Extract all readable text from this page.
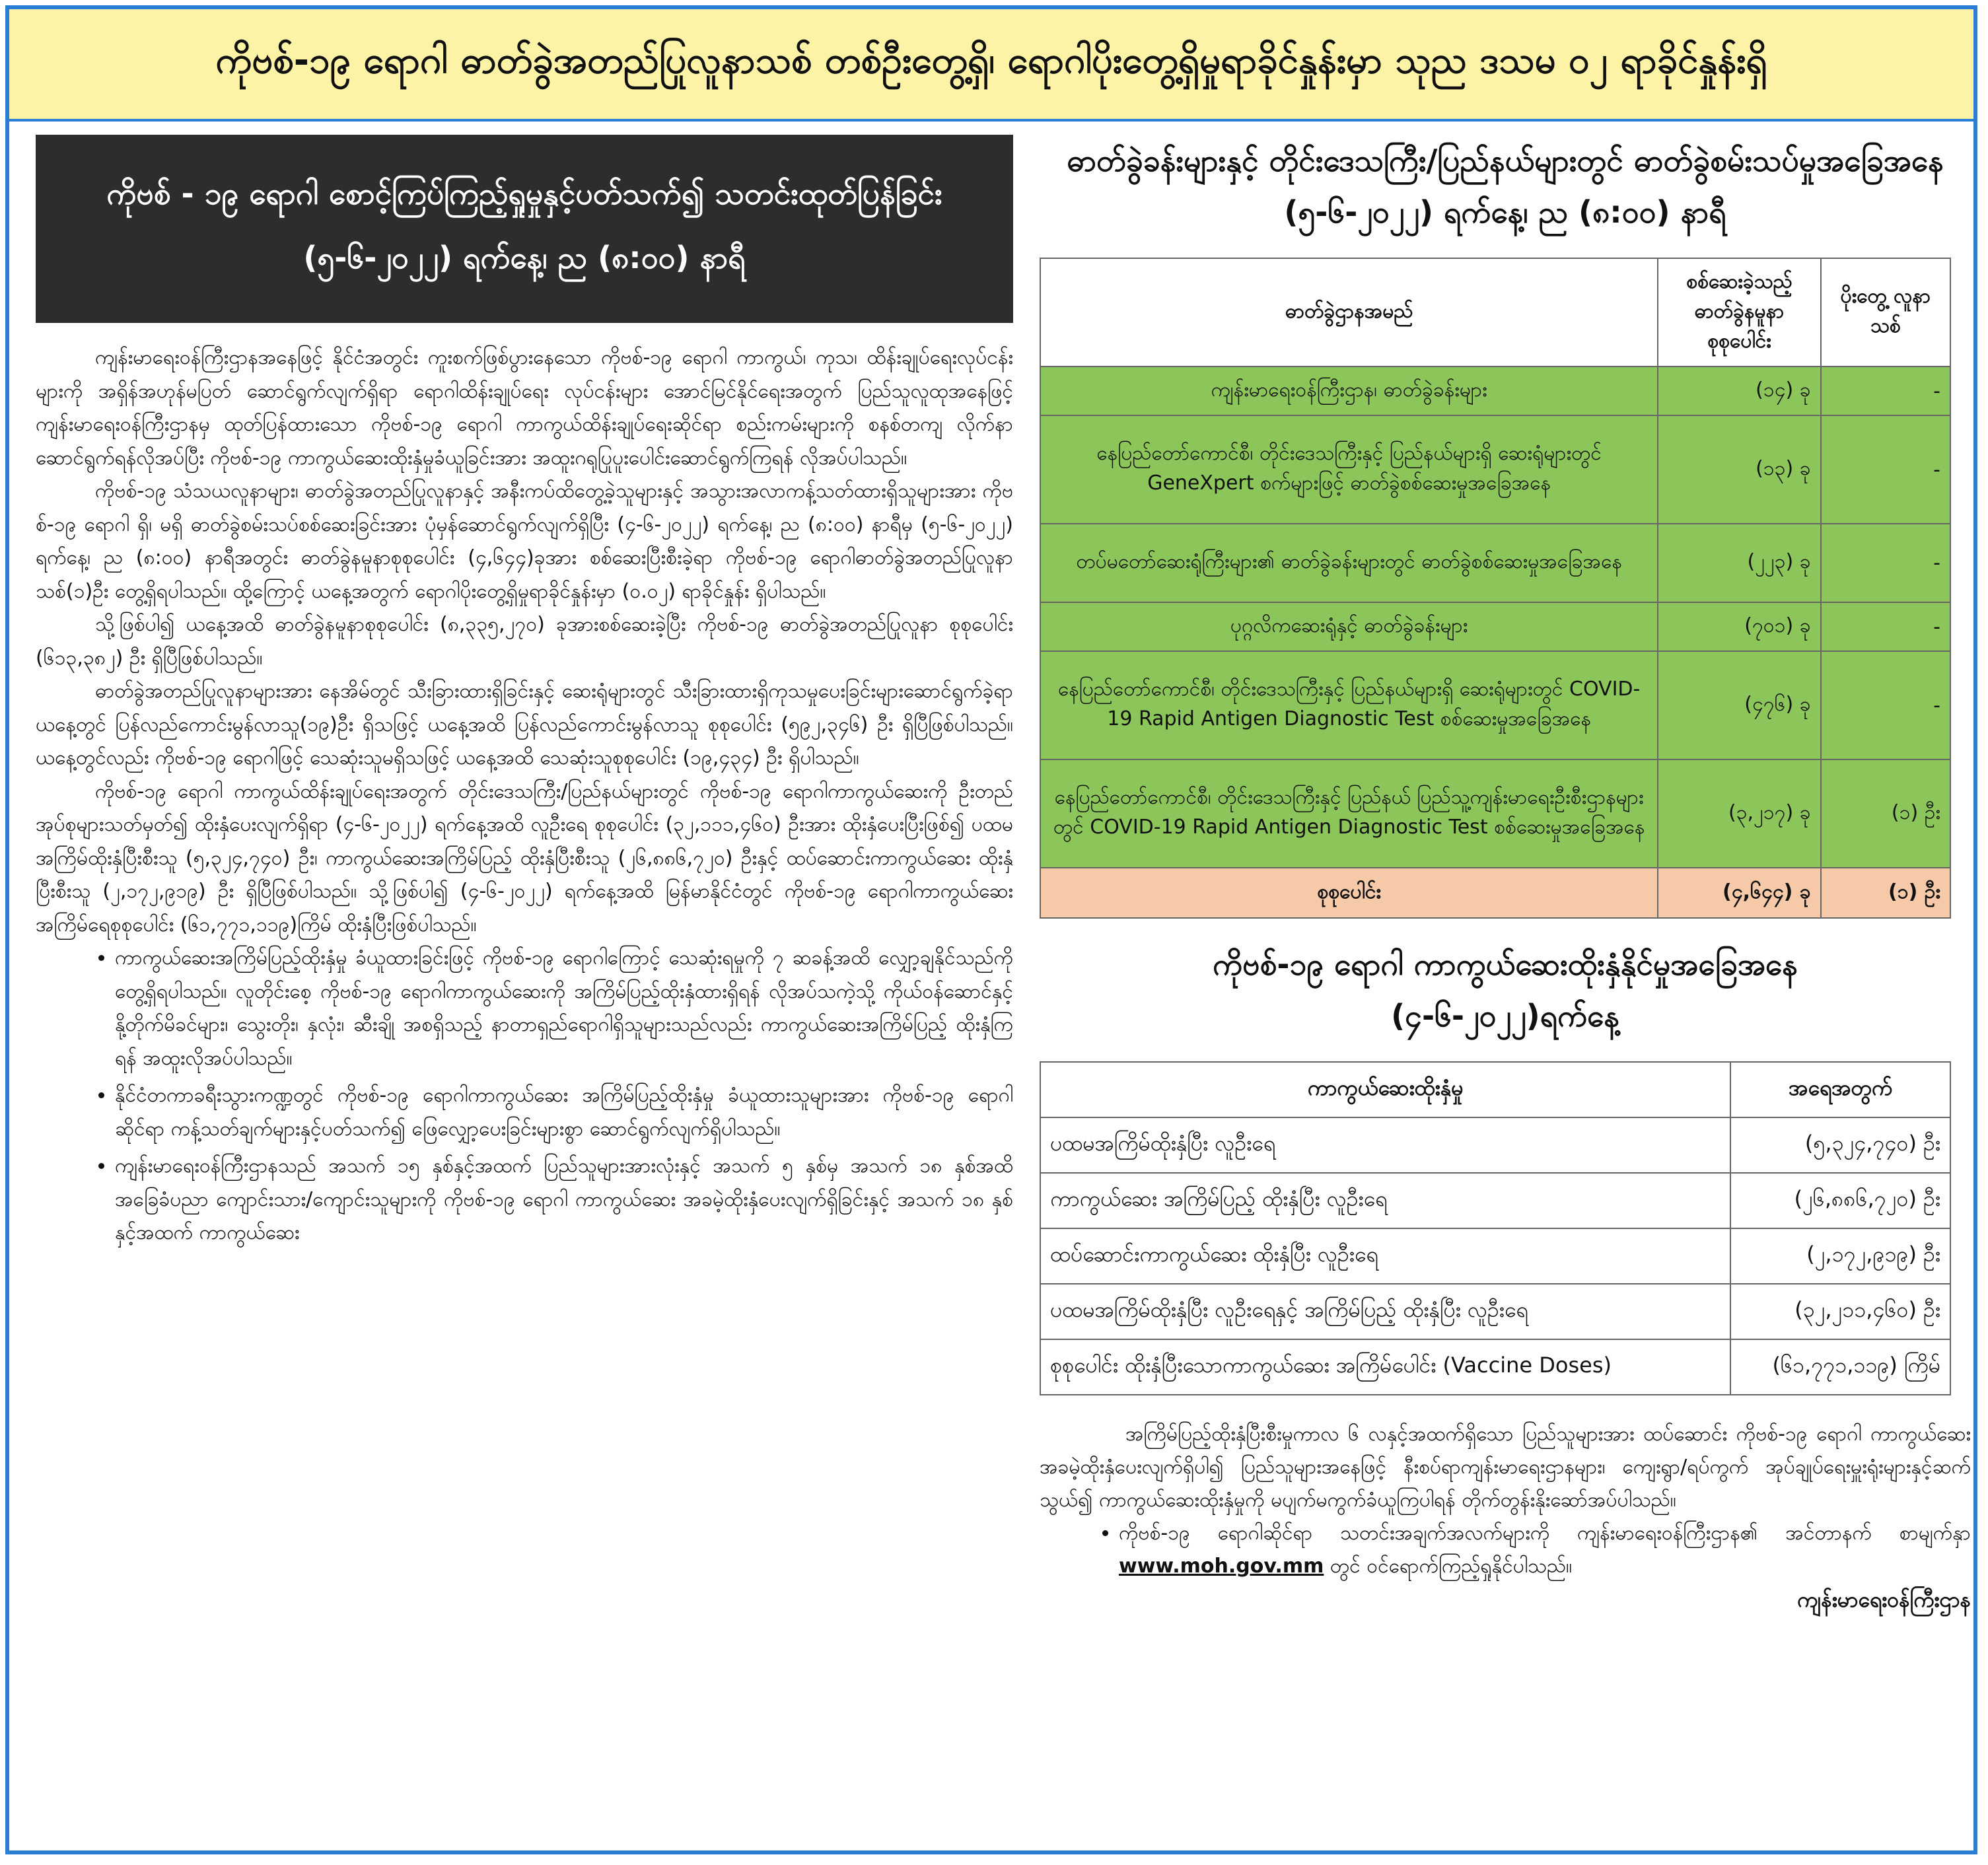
ကိုဗစ်-၁၉ ရောဂါ ဓာတ်ခွဲအတည်ပြုလူနာသစ် တစ်ဦးတွေ့ရှိ၊ ရောဂါပိုးတွေ့ရှိမှုရာခိုင်နှုန်းမှာ သုည ဒသမ ဝ၂ ရာခိုင်နှုန်းရှိ
ကိုဗစ် - ၁၉ ရောဂါ စောင့်ကြပ်ကြည့်ရှုမှုနှင့်ပတ်သက်၍ သတင်းထုတ်ပြန်ခြင်း
(၅-၆-၂၀၂၂) ရက်နေ့၊ ည (၈:၀၀) နာရီ

ကျန်းမာရေးဝန်ကြီးဌာနအနေဖြင့် နိုင်ငံအတွင်း ကူးစက်ဖြစ်ပွားနေသော ကိုဗစ်-၁၉ ရောဂါ ကာကွယ်၊ ကုသ၊ ထိန်းချုပ်ရေးလုပ်ငန်းများကို အရှိန်အဟုန်မပြတ် ဆောင်ရွက်လျက်ရှိရာ ရောဂါထိန်းချုပ်ရေး လုပ်ငန်းများ အောင်မြင်နိုင်ရေးအတွက် ပြည်သူလူထုအနေဖြင့် ကျန်းမာရေးဝန်ကြီးဌာနမှ ထုတ်ပြန်ထားသော ကိုဗစ်-၁၉ ရောဂါ ကာကွယ်ထိန်းချုပ်ရေးဆိုင်ရာ စည်းကမ်းများကို စနစ်တကျ လိုက်နာဆောင်ရွက်ရန်လိုအပ်ပြီး ကိုဗစ်-၁၉ ကာကွယ်ဆေးထိုးနှံမှုခံယူခြင်းအား အထူးဂရုပြုပူးပေါင်းဆောင်ရွက်ကြရန် လိုအပ်ပါသည်။

ကိုဗစ်-၁၉ သံသယလူနာများ၊ ဓာတ်ခွဲအတည်ပြုလူနာနှင့် အနီးကပ်ထိတွေ့ခဲ့သူများနှင့် အသွားအလာကန့်သတ်ထားရှိသူများအား ကိုဗစ်-၁၉ ရောဂါ ရှိ၊ မရှိ ဓာတ်ခွဲစမ်းသပ်စစ်ဆေးခြင်းအား ပုံမှန်ဆောင်ရွက်လျက်ရှိပြီး (၄-၆-၂၀၂၂) ရက်နေ့၊ ည (၈:၀၀) နာရီမှ (၅-၆-၂၀၂၂) ရက်နေ့၊ ည (၈:၀၀) နာရီအတွင်း ဓာတ်ခွဲနမူနာစုစုပေါင်း (၄,၆၄၄)ခုအား စစ်ဆေးပြီးစီးခဲ့ရာ ကိုဗစ်-၁၉ ရောဂါဓာတ်ခွဲအတည်ပြုလူနာသစ်(၁)ဦး တွေ့ရှိရပါသည်။ ထို့ကြောင့် ယနေ့အတွက် ရောဂါပိုးတွေ့ရှိမှုရာခိုင်နှုန်းမှာ (၀.၀၂) ရာခိုင်နှုန်း ရှိပါသည်။

သို့ဖြစ်ပါ၍ ယနေ့အထိ ဓာတ်ခွဲနမူနာစုစုပေါင်း (၈,၃၃၅,၂၇၀) ခုအားစစ်ဆေးခဲ့ပြီး ကိုဗစ်-၁၉ ဓာတ်ခွဲအတည်ပြုလူနာ စုစုပေါင်း (၆၁၃,၃၈၂) ဦး ရှိပြီဖြစ်ပါသည်။

ဓာတ်ခွဲအတည်ပြုလူနာများအား နေအိမ်တွင် သီးခြားထားရှိခြင်းနှင့် ဆေးရုံများတွင် သီးခြားထားရှိကုသမှုပေးခြင်းများဆောင်ရွက်ခဲ့ရာ ယနေ့တွင် ပြန်လည်ကောင်းမွန်လာသူ(၁၉)ဦး ရှိသဖြင့် ယနေ့အထိ ပြန်လည်ကောင်းမွန်လာသူ စုစုပေါင်း (၅၉၂,၃၄၆) ဦး ရှိပြီဖြစ်ပါသည်။ ယနေ့တွင်လည်း ကိုဗစ်-၁၉ ရောဂါဖြင့် သေဆုံးသူမရှိသဖြင့် ယနေ့အထိ သေဆုံးသူစုစုပေါင်း (၁၉,၄၃၄) ဦး ရှိပါသည်။

ကိုဗစ်-၁၉ ရောဂါ ကာကွယ်ထိန်းချုပ်ရေးအတွက် တိုင်းဒေသကြီး/ပြည်နယ်များတွင် ကိုဗစ်-၁၉ ရောဂါကာကွယ်ဆေးကို ဦးတည်အုပ်စုများသတ်မှတ်၍ ထိုးနှံပေးလျက်ရှိရာ (၄-၆-၂၀၂၂) ရက်နေ့အထိ လူဦးရေ စုစုပေါင်း (၃၂,၁၁၁,၄၆၀) ဦးအား ထိုးနှံပေးပြီးဖြစ်၍ ပထမအကြိမ်ထိုးနှံပြီးစီးသူ (၅,၃၂၄,၇၄၀) ဦး၊ ကာကွယ်ဆေးအကြိမ်ပြည့် ထိုးနှံပြီးစီးသူ (၂၆,၈၈၆,၇၂၀) ဦးနှင့် ထပ်ဆောင်းကာကွယ်ဆေး ထိုးနှံပြီးစီးသူ (၂,၁၇၂,၉၁၉) ဦး ရှိပြီဖြစ်ပါသည်။ သို့ဖြစ်ပါ၍ (၄-၆-၂၀၂၂) ရက်နေ့အထိ မြန်မာနိုင်ငံတွင် ကိုဗစ်-၁၉ ရောဂါကာကွယ်ဆေး အကြိမ်ရေစုစုပေါင်း (၆၁,၇၇၁,၁၁၉)ကြိမ် ထိုးနှံပြီးဖြစ်ပါသည်။

• ကာကွယ်ဆေးအကြိမ်ပြည့်ထိုးနှံမှု ခံယူထားခြင်းဖြင့် ကိုဗစ်-၁၉ ရောဂါကြောင့် သေဆုံးရမှုကို ၇ ဆခန့်အထိ လျှော့ချနိုင်သည်ကို တွေ့ရှိရပါသည်။ လူတိုင်းစေ့ ကိုဗစ်-၁၉ ရောဂါကာကွယ်ဆေးကို အကြိမ်ပြည့်ထိုးနှံထားရှိရန် လိုအပ်သကဲ့သို့ ကိုယ်ဝန်ဆောင်နှင့် နို့တိုက်မိခင်များ၊ သွေးတိုး၊ နှလုံး၊ ဆီးချို အစရှိသည့် နာတာရှည်ရောဂါရှိသူများသည်လည်း ကာကွယ်ဆေးအကြိမ်ပြည့် ထိုးနှံကြရန် အထူးလိုအပ်ပါသည်။
• နိုင်ငံတကာခရီးသွားကဏ္ဍတွင် ကိုဗစ်-၁၉ ရောဂါကာကွယ်ဆေး အကြိမ်ပြည့်ထိုးနှံမှု ခံယူထားသူများအား ကိုဗစ်-၁၉ ရောဂါဆိုင်ရာ ကန့်သတ်ချက်များနှင့်ပတ်သက်၍ ဖြေလျှော့ပေးခြင်းများစွာ ဆောင်ရွက်လျက်ရှိပါသည်။
• ကျန်းမာရေးဝန်ကြီးဌာနသည် အသက် ၁၅ နှစ်နှင့်အထက် ပြည်သူများအားလုံးနှင့် အသက် ၅ နှစ်မှ အသက် ၁၈ နှစ်အထိ အခြေခံပညာ ကျောင်းသား/ကျောင်းသူများကို ကိုဗစ်-၁၉ ရောဂါ ကာကွယ်ဆေး အခမဲ့ထိုးနှံပေးလျက်ရှိခြင်းနှင့် အသက် ၁၈ နှစ်နှင့်အထက် ကာကွယ်ဆေး
ဓာတ်ခွဲခန်းများနှင့် တိုင်းဒေသကြီး/ပြည်နယ်များတွင် ဓာတ်ခွဲစမ်းသပ်မှုအခြေအနေ
(၅-၆-၂၀၂၂) ရက်နေ့၊ ည (၈:၀၀) နာရီ
ဓာတ်ခွဲဌာနအမည်	စစ်ဆေးခဲ့သည့် ဓာတ်ခွဲနမူနာ စုစုပေါင်း	ပိုးတွေ့ လူနာသစ်
ကျန်းမာရေးဝန်ကြီးဌာန၊ ဓာတ်ခွဲခန်းများ	(၁၄) ခု	-
နေပြည်တော်ကောင်စီ၊ တိုင်းဒေသကြီးနှင့် ပြည်နယ်များရှိ ဆေးရုံများတွင် GeneXpert စက်များဖြင့် ဓာတ်ခွဲစစ်ဆေးမှုအခြေအနေ	(၁၃) ခု	-
တပ်မတော်ဆေးရုံကြီးများ၏ ဓာတ်ခွဲခန်းများတွင် ဓာတ်ခွဲစစ်ဆေးမှုအခြေအနေ	(၂၂၃) ခု	-
ပုဂ္ဂလိကဆေးရုံနှင့် ဓာတ်ခွဲခန်းများ	(၇၀၁) ခု	-
နေပြည်တော်ကောင်စီ၊ တိုင်းဒေသကြီးနှင့် ပြည်နယ်များရှိ ဆေးရုံများတွင် COVID-19 Rapid Antigen Diagnostic Test စစ်ဆေးမှုအခြေအနေ	(၄၇၆) ခု	-
နေပြည်တော်ကောင်စီ၊ တိုင်းဒေသကြီးနှင့် ပြည်နယ် ပြည်သူ့ကျန်းမာရေးဦးစီးဌာနများတွင် COVID-19 Rapid Antigen Diagnostic Test စစ်ဆေးမှုအခြေအနေ	(၃,၂၁၇) ခု	(၁) ဦး
စုစုပေါင်း	(၄,၆၄၄) ခု	(၁) ဦး
ကိုဗစ်-၁၉ ရောဂါ ကာကွယ်ဆေးထိုးနှံနိုင်မှုအခြေအနေ
(၄-၆-၂၀၂၂)ရက်နေ့
ကာကွယ်ဆေးထိုးနှံမှု	အရေအတွက်
ပထမအကြိမ်ထိုးနှံပြီး လူဦးရေ	(၅,၃၂၄,၇၄၀) ဦး
ကာကွယ်ဆေး အကြိမ်ပြည့် ထိုးနှံပြီး လူဦးရေ	(၂၆,၈၈၆,၇၂၀) ဦး
ထပ်ဆောင်းကာကွယ်ဆေး ထိုးနှံပြီး လူဦးရေ	(၂,၁၇၂,၉၁၉) ဦး
ပထမအကြိမ်ထိုးနှံပြီး လူဦးရေနှင့် အကြိမ်ပြည့် ထိုးနှံပြီး လူဦးရေ	(၃၂,၂၁၁,၄၆၀) ဦး
စုစုပေါင်း ထိုးနှံပြီးသောကာကွယ်ဆေး အကြိမ်ပေါင်း (Vaccine Doses)	(၆၁,၇၇၁,၁၁၉) ကြိမ်

အကြိမ်ပြည့်ထိုးနှံပြီးစီးမှုကာလ ၆ လနှင့်အထက်ရှိသော ပြည်သူများအား ထပ်ဆောင်း ကိုဗစ်-၁၉ ရောဂါ ကာကွယ်ဆေး အခမဲ့ထိုးနှံပေးလျက်ရှိပါ၍ ပြည်သူများအနေဖြင့် နီးစပ်ရာကျန်းမာရေးဌာနများ၊ ကျေးရွာ/ရပ်ကွက် အုပ်ချုပ်ရေးမှူးရုံးများနှင့်ဆက်သွယ်၍ ကာကွယ်ဆေးထိုးနှံမှုကို မပျက်မကွက်ခံယူကြပါရန် တိုက်တွန်းနိုးဆော်အပ်ပါသည်။

• ကိုဗစ်-၁၉ ရောဂါဆိုင်ရာ သတင်းအချက်အလက်များကို ကျန်းမာရေးဝန်ကြီးဌာန၏ အင်တာနက် စာမျက်နှာ www.moh.gov.mm တွင် ဝင်ရောက်ကြည့်ရှုနိုင်ပါသည်။
ကျန်းမာရေးဝန်ကြီးဌာန
